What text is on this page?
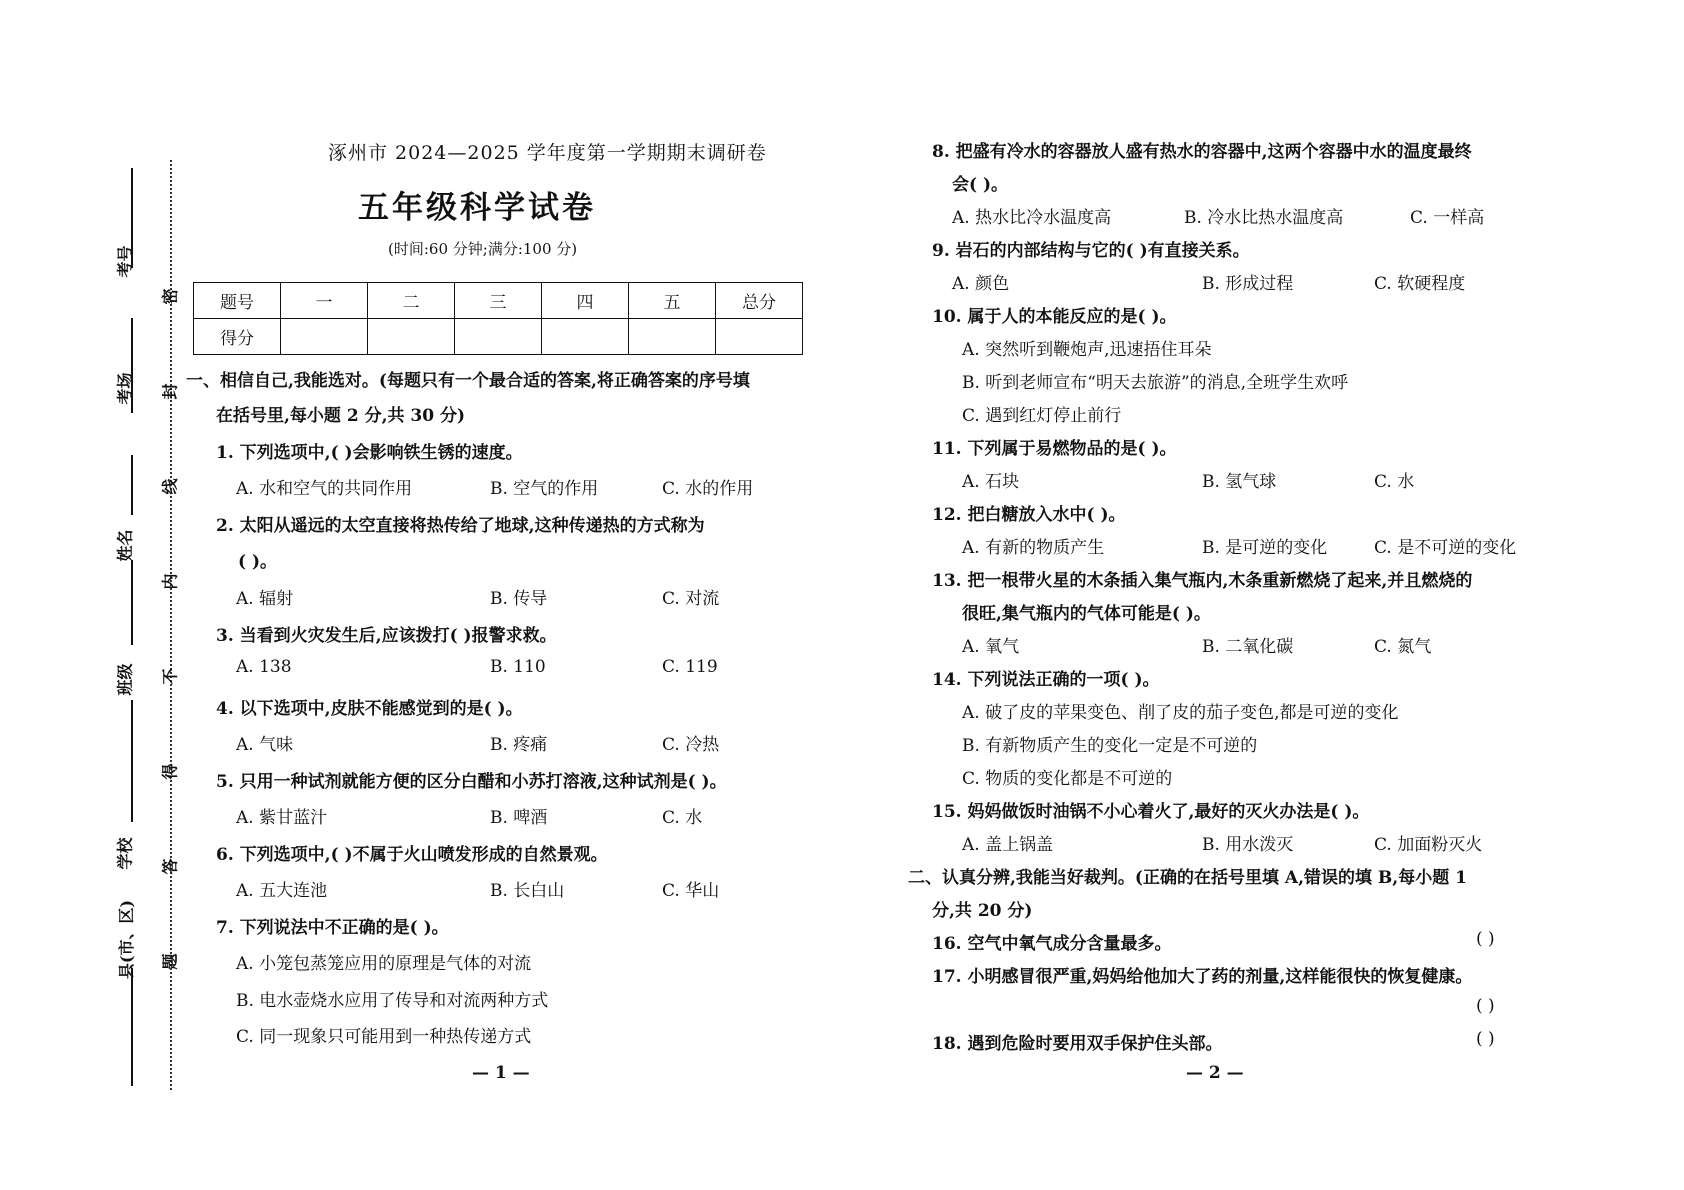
考号
考场
姓名
班级
学校
县(市、区)
密
封
线
内
不
得
答
题
涿州市 2024—2025 学年度第一学期期末调研卷
五年级科学试卷
(时间:60 分钟;满分:100 分)
题号	一	二	三	四	五	总分
得分						
一、相信自己,我能选对。(每题只有一个最合适的答案,将正确答案的序号填
在括号里,每小题 2 分,共 30 分)
1. 下列选项中,( )会影响铁生锈的速度。
A. 水和空气的共同作用	B. 空气的作用	C. 水的作用
2. 太阳从遥远的太空直接将热传给了地球,这种传递热的方式称为
( )。
A. 辐射	B. 传导	C. 对流
3. 当看到火灾发生后,应该拨打( )报警求救。
A. 138	B. 110	C. 119
4. 以下选项中,皮肤不能感觉到的是( )。
A. 气味	B. 疼痛	C. 冷热
5. 只用一种试剂就能方便的区分白醋和小苏打溶液,这种试剂是( )。
A. 紫甘蓝汁	B. 啤酒	C. 水
6. 下列选项中,( )不属于火山喷发形成的自然景观。
A. 五大连池	B. 长白山	C. 华山
7. 下列说法中不正确的是( )。
A. 小笼包蒸笼应用的原理是气体的对流
B. 电水壶烧水应用了传导和对流两种方式
C. 同一现象只可能用到一种热传递方式
— 1 —
8. 把盛有冷水的容器放人盛有热水的容器中,这两个容器中水的温度最终
会( )。
A. 热水比冷水温度高	B. 冷水比热水温度高	C. 一样高
9. 岩石的内部结构与它的( )有直接关系。
A. 颜色	B. 形成过程	C. 软硬程度
10. 属于人的本能反应的是( )。
A. 突然听到鞭炮声,迅速捂住耳朵
B. 听到老师宣布“明天去旅游”的消息,全班学生欢呼
C. 遇到红灯停止前行
11. 下列属于易燃物品的是( )。
A. 石块	B. 氢气球	C. 水
12. 把白糖放入水中( )。
A. 有新的物质产生	B. 是可逆的变化	C. 是不可逆的变化
13. 把一根带火星的木条插入集气瓶内,木条重新燃烧了起来,并且燃烧的
很旺,集气瓶内的气体可能是( )。
A. 氧气	B. 二氧化碳	C. 氮气
14. 下列说法正确的一项( )。
A. 破了皮的苹果变色、削了皮的茄子变色,都是可逆的变化
B. 有新物质产生的变化一定是不可逆的
C. 物质的变化都是不可逆的
15. 妈妈做饭时油锅不小心着火了,最好的灭火办法是( )。
A. 盖上锅盖	B. 用水泼灭	C. 加面粉灭火
二、认真分辨,我能当好裁判。(正确的在括号里填 A,错误的填 B,每小题 1
分,共 20 分)
16. 空气中氧气成分含量最多。	( )
17. 小明感冒很严重,妈妈给他加大了药的剂量,这样能很快的恢复健康。
( )
18. 遇到危险时要用双手保护住头部。	( )
— 2 —
